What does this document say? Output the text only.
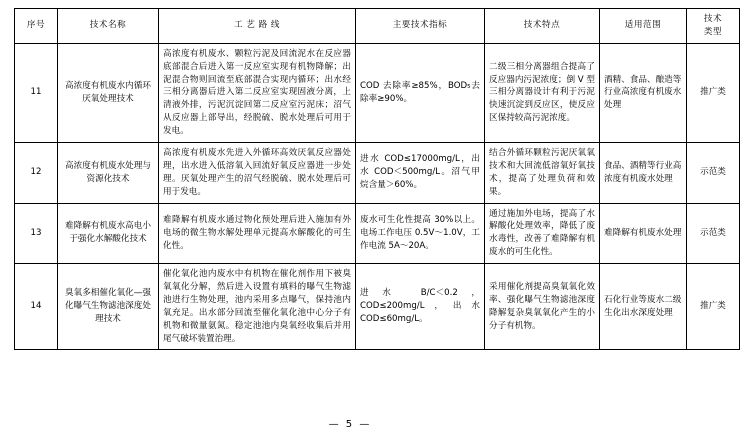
序号	技术名称	工 艺 路 线	主要技术指标	技术特点	适用范围	技术
类型

11	高浓度有机废水内循环厌氧处理技术	高浓度有机废水、颗粒污泥及回流泥水在反应器底部混合后进入第一反应室实现有机物降解；出泥混合物则回流至底部混合实现内循环；出水经三相分离器后进入第二反应室实现固液分离，上清液外排，污泥沉淀回第二反应室污泥床；沼气从反应器上部导出，经脱硫、脱水处理后可用于发电。	COD 去除率≥85%，BOD₅去除率≥90%。	二级三相分离器组合提高了反应器内污泥浓度；倒 V 型三相分离器设计有利于污泥快速沉淀到反应区，使反应区保持较高污泥浓度。	酒精、食品、酿造等行业高浓度有机废水处理	推广类
12	高浓度有机废水处理与资源化技术	高浓度有机废水先进入外循环高效厌氧反应器处理，出水进入低溶氧入回流好氧反应器进一步处理。厌氧处理产生的沼气经脱硫、脱水处理后可用于发电。	进水 COD≤17000mg/L，出水 COD＜500mg/L。沼气甲烷含量＞60%。	结合外循环颗粒污泥厌氧氧技术和大回流低溶氧好氧技术，提高了处理负荷和效果。	食品、酒精等行业高浓度有机废水处理	示范类
13	难降解有机废水高电小于强化水解酸化技术	难降解有机废水通过物化预处理后进入施加有外电场的微生物水解处理单元提高水解酸化的可生化性。	废水可生化性提高 30%以上。电场工作电压 0.5V～1.0V，工作电流 5A～20A。	通过施加外电场，提高了水解酸化处理效率，降低了废水毒性，改善了难降解有机废水的可生化性。	难降解有机废水处理	示范类
14	臭氧多相催化氧化—强化曝气生物滤池深度处理技术	催化氧化池内废水中有机物在催化剂作用下被臭氧氧化分解，然后进入设置有填料的曝气生物滤池进行生物处理，池内采用多点曝气，保持池内氧充足。出水部分回流至催化氧化池中心分子有机物和微量氨氮。稳定池池内臭氧经收集后并用尾气破坏装置治理。	进水 B/C＜0.2，COD≤200mg/L，出水 COD≤60mg/L。	采用催化剂提高臭氧氧化效率、强化曝气生物滤池深度降解复杂臭氧氧化产生的小分子有机物。	石化行业等废水二级生化出水深度处理	推广类
— 5 —
